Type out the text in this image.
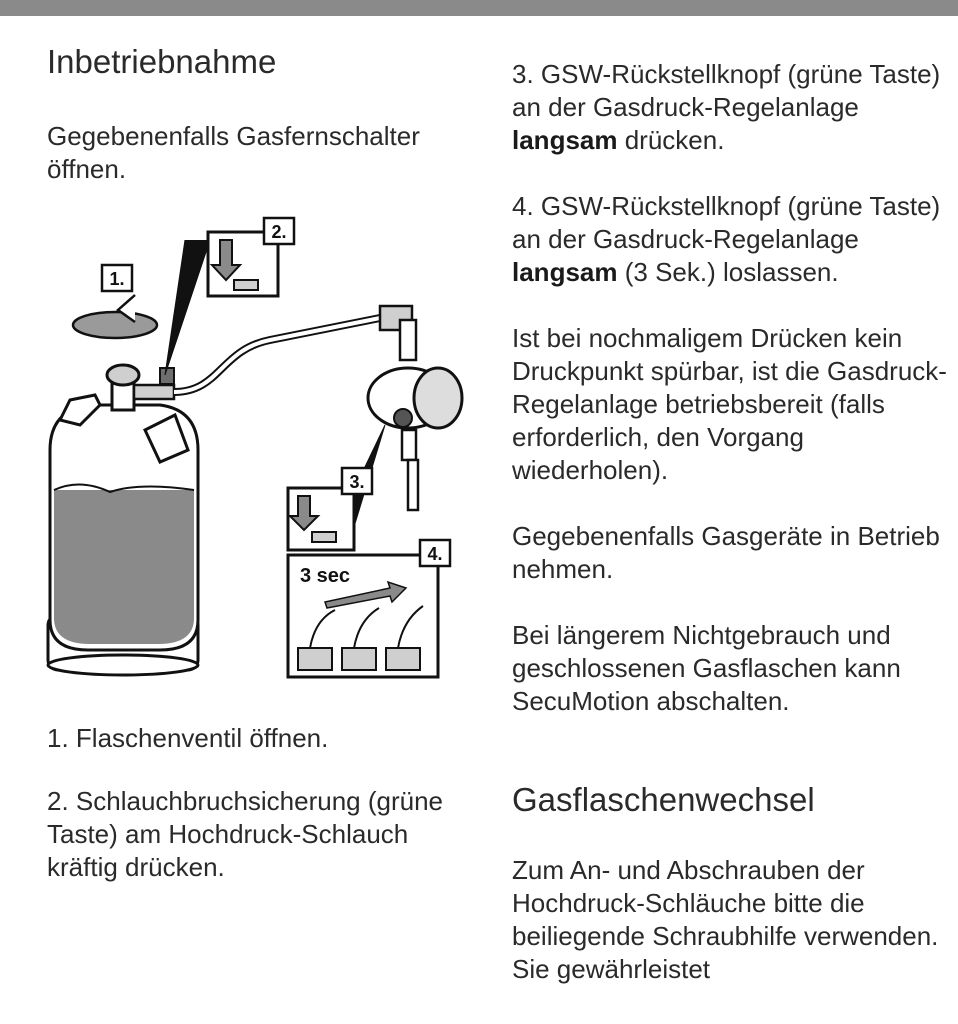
Inbetriebnahme

Gegebenenfalls Gasfernschalter öffnen.

1.
2.
3.
4.
3 sec

1. Flaschenventil öffnen.

2. Schlauchbruchsicherung (grüne Taste) am Hochdruck-Schlauch kräftig drücken.

3. GSW-Rückstellknopf (grüne Taste) an der Gasdruck-Regelanlage langsam drücken.

4. GSW-Rückstellknopf (grüne Taste) an der Gasdruck-Regelanlage langsam (3 Sek.) loslassen.

Ist bei nochmaligem Drücken kein Druckpunkt spürbar, ist die Gasdruck-Regelanlage betriebsbereit (falls erforderlich, den Vorgang wiederholen).

Gegebenenfalls Gasgeräte in Betrieb nehmen.

Bei längerem Nichtgebrauch und geschlossenen Gasflaschen kann SecuMotion abschalten.

Gasflaschenwechsel

Zum An- und Abschrauben der Hochdruck-Schläuche bitte die beiliegende Schraubhilfe verwenden. Sie gewährleistet
